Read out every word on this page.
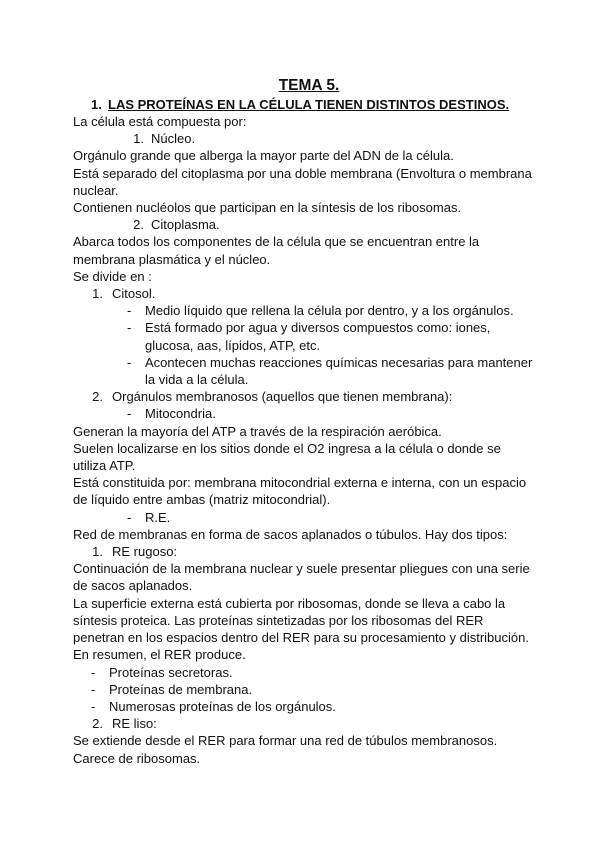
TEMA 5.
1. LAS PROTEÍNAS EN LA CÉLULA TIENEN DISTINTOS DESTINOS.
La célula está compuesta por:
1. Núcleo.
Orgánulo grande que alberga la mayor parte del ADN de la célula.
Está separado del citoplasma por una doble membrana (Envoltura o membrana nuclear.
Contienen nucléolos que participan en la síntesis de los ribosomas.
2. Citoplasma.
Abarca todos los componentes de la célula que se encuentran entre la membrana plasmática y el núcleo.
Se divide en :
1. Citosol.
-	Medio líquido que rellena la célula por dentro, y a los orgánulos.
-	Está formado por agua y diversos compuestos como: iones, glucosa, aas, lípidos, ATP, etc.
-	Acontecen muchas reacciones químicas necesarias para mantener la vida a la célula.
2. Orgánulos membranosos (aquellos que tienen membrana):
-	Mitocondria.
Generan la mayoría del ATP a través de la respiración aeróbica.
Suelen localizarse en los sitios donde el O2 ingresa a la célula o donde se utiliza ATP.
Está constituida por: membrana mitocondrial externa e interna, con un espacio de líquido entre ambas (matriz mitocondrial).
-	R.E.
Red de membranas en forma de sacos aplanados o túbulos. Hay dos tipos:
1. RE rugoso:
Continuación de la membrana nuclear y suele presentar pliegues con una serie de sacos aplanados.
La superficie externa está cubierta por ribosomas, donde se lleva a cabo la síntesis proteica. Las proteínas sintetizadas por los ribosomas del RER penetran en los espacios dentro del RER para su procesamiento y distribución. En resumen, el RER produce.
-	Proteínas secretoras.
-	Proteínas de membrana.
-	Numerosas proteínas de los orgánulos.
2. RE liso:
Se extiende desde el RER para formar una red de túbulos membranosos.
Carece de ribosomas.
